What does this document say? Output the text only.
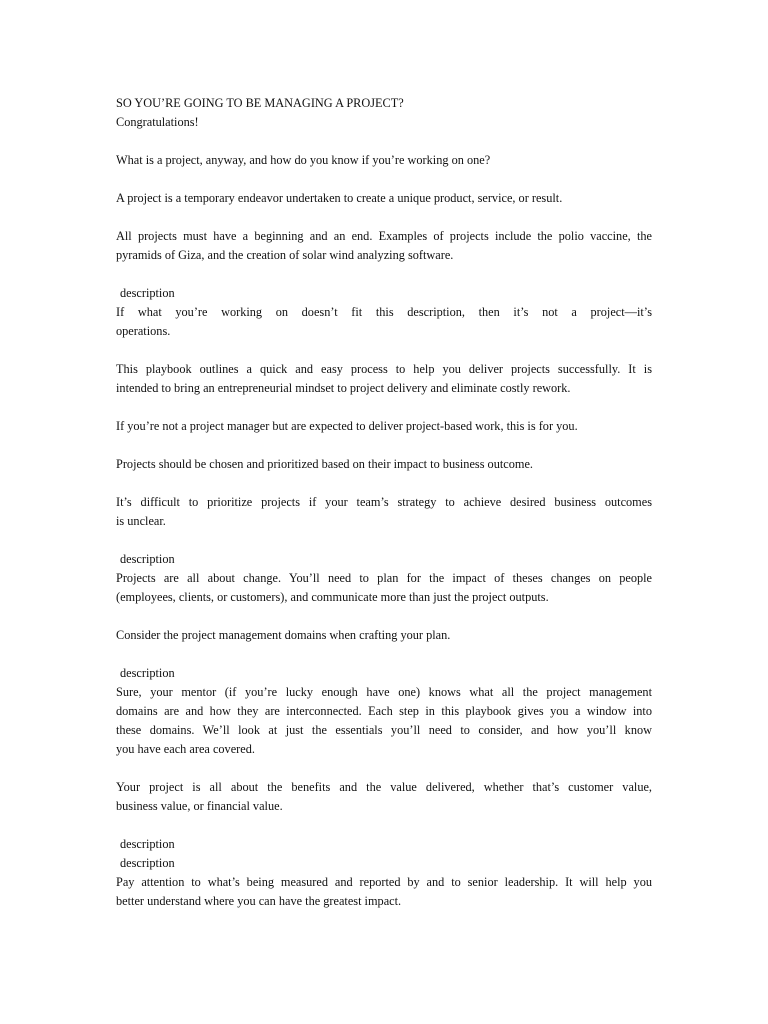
SO YOU’RE GOING TO BE MANAGING A PROJECT?

Congratulations!

What is a project, anyway, and how do you know if you’re working on one?

A project is a temporary endeavor undertaken to create a unique product, service, or result.

All projects must have a beginning and an end. Examples of projects include the polio vaccine, the

pyramids of Giza, and the creation of solar wind analyzing software.

description

If what you’re working on doesn’t fit this description, then it’s not a project—it’s

operations.

This playbook outlines a quick and easy process to help you deliver projects successfully. It is

intended to bring an entrepreneurial mindset to project delivery and eliminate costly rework.

If you’re not a project manager but are expected to deliver project-based work, this is for you.

Projects should be chosen and prioritized based on their impact to business outcome.

It’s difficult to prioritize projects if your team’s strategy to achieve desired business outcomes

is unclear.

description

Projects are all about change. You’ll need to plan for the impact of theses changes on people

(employees, clients, or customers), and communicate more than just the project outputs.

Consider the project management domains when crafting your plan.

description

Sure, your mentor (if you’re lucky enough have one) knows what all the project management

domains are and how they are interconnected. Each step in this playbook gives you a window into

these domains. We’ll look at just the essentials you’ll need to consider, and how you’ll know

you have each area covered.

Your project is all about the benefits and the value delivered, whether that’s customer value,

business value, or financial value.

description

description

Pay attention to what’s being measured and reported by and to senior leadership. It will help you

better understand where you can have the greatest impact.
